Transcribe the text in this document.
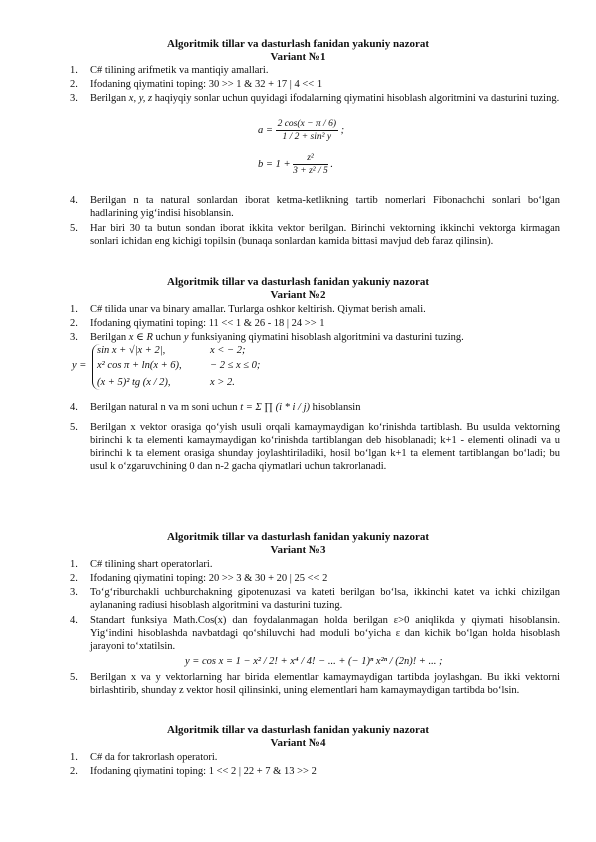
Algoritmik tillar va dasturlash fanidan yakuniy nazorat
Variant №1
1. C# tilining arifmetik va mantiqiy amallari.
2. Ifodaning qiymatini toping: 30 >> 1 & 32 + 17 | 4 << 1
3. Berilgan x, y, z haqiyqiy sonlar uchun quyidagi ifodalarning qiymatini hisoblash algoritmini va dasturini tuzing.
$a = \frac{2 \cos(x - \pi / 6)}{\text{1 / 2 + sin² y}}$ ;
$b = 1 + \frac{\text{z²}}{\text{3 + z² / 5}}$ .
4. Berilgan n ta natural sonlardan iborat ketma-ketlikning tartib nomerlari Fibonachchi sonlari bo‘lgan hadlarining yig‘indisi hisoblansin.
5. Har biri 30 ta butun sondan iborat ikkita vektor berilgan. Birinchi vektorning ikkinchi vektorga kirmagan sonlari ichidan eng kichigi topilsin (bunaqa sonlardan kamida bittasi mavjud deb faraz qilinsin).
Algoritmik tillar va dasturlash fanidan yakuniy nazorat
Variant №2
1. C# tilida unar va binary amallar. Turlarga oshkor keltirish. Qiymat berish amali.
2. Ifodaning qiymatini toping: 11 << 1 & 26 - 18 | 24 >> 1
3. Berilgan x ∈ R uchun y funksiyaning qiymatini hisoblash algoritmini va dasturini tuzing.
y =
sin x + √|x + 2|,	x < − 2;
x² cos π + ln(x + 6),	− 2 ≤ x ≤ 0;
(x + 5)² tg (x / 2),	x > 2.
4. Berilgan natural n va m soni uchun t = Σ ∏ (i * i / j) hisoblansin
5. Berilgan x vektor orasiga qo‘yish usuli orqali kamaymaydigan ko‘rinishda tartiblash. Bu usulda vektorning birinchi k ta elementi kamaymaydigan ko‘rinishda tartiblangan deb hisoblanadi; k+1 - elementi olinadi va u birinchi k ta element orasiga shunday joylashtiriladiki, hosil bo‘lgan k+1 ta element tartiblangan bo‘ladi; bu usul k o‘zgaruvchining 0 dan n-2 gacha qiymatlari uchun takrorlanadi.
Algoritmik tillar va dasturlash fanidan yakuniy nazorat
Variant №3
1. C# tilining shart operatorlari.
2. Ifodaning qiymatini toping: 20 >> 3 & 30 + 20 | 25 << 2
3. To‘g‘riburchakli uchburchakning gipotenuzasi va kateti berilgan bo‘lsa, ikkinchi katet va ichki chizilgan aylananing radiusi hisoblash algoritmini va dasturini tuzing.
4. Standart funksiya Math.Cos(x) dan foydalanmagan holda berilgan ε>0 aniqlikda y qiymati hisoblansin. Yig‘indini hisoblashda navbatdagi qo‘shiluvchi had moduli bo‘yicha ε dan kichik bo‘lgan holda hisoblash jarayoni to‘xtatilsin.
y = cos x = 1 − x² / 2! + x⁴ / 4! − ... + (− 1)ⁿ x²ⁿ / (2n)! + ... ;
5. Berilgan x va y vektorlarning har birida elementlar kamaymaydigan tartibda joylashgan. Bu ikki vektorni birlashtirib, shunday z vektor hosil qilinsinki, uning elementlari ham kamaymaydigan tartibda bo‘lsin.
Algoritmik tillar va dasturlash fanidan yakuniy nazorat
Variant №4
1. C# da for takrorlash operatori.
2. Ifodaning qiymatini toping: 1 << 2 | 22 + 7 & 13 >> 2
